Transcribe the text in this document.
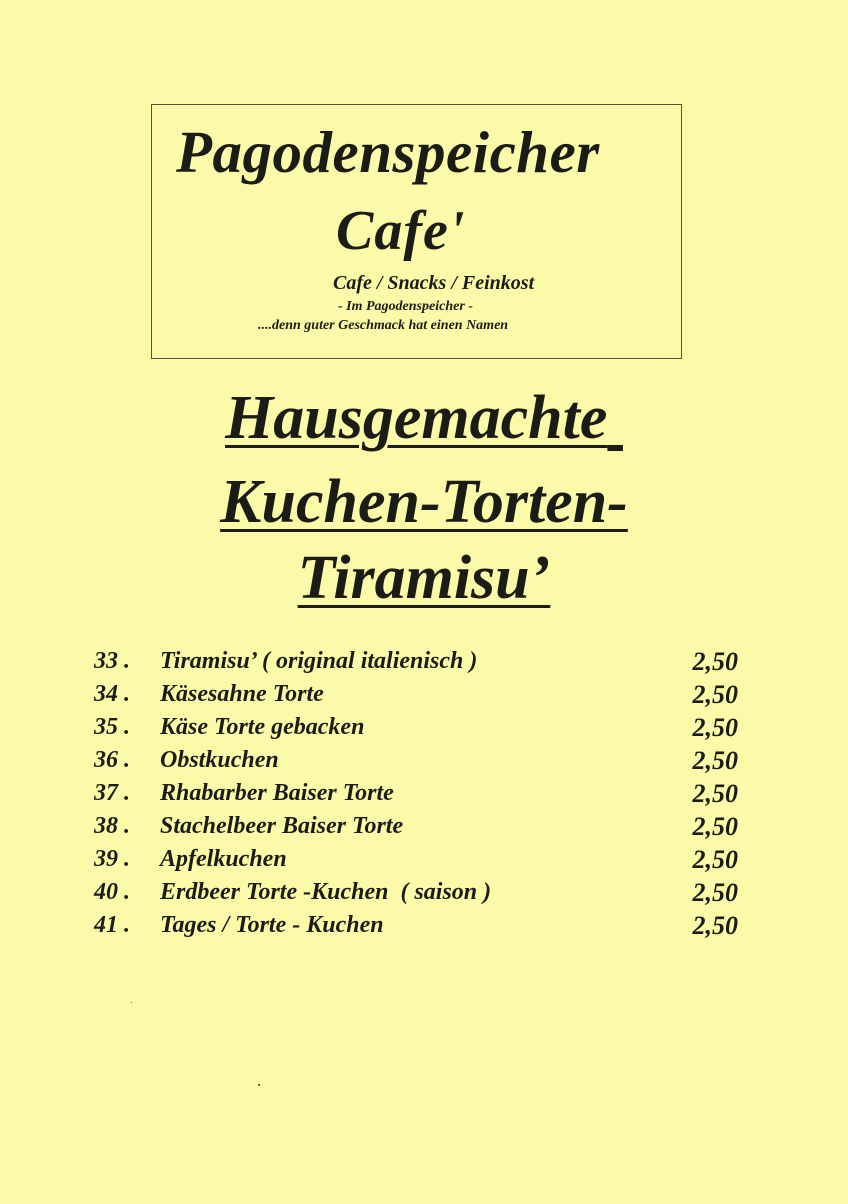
Pagodenspeicher
Cafe'
Cafe / Snacks / Feinkost
- Im Pagodenspeicher -
....denn guter Geschmack hat einen Namen
Hausgemachte
Kuchen-Torten-
Tiramisu’
33 .	Tiramisu’ ( original italienisch )	2,50
34 .	Käsesahne Torte	2,50
35 .	Käse Torte gebacken	2,50
36 .	Obstkuchen	2,50
37 .	Rhabarber Baiser Torte	2,50
38 .	Stachelbeer Baiser Torte	2,50
39 .	Apfelkuchen	2,50
40 .	Erdbeer Torte -Kuchen  ( saison )	2,50
41 .	Tages / Torte - Kuchen	2,50
